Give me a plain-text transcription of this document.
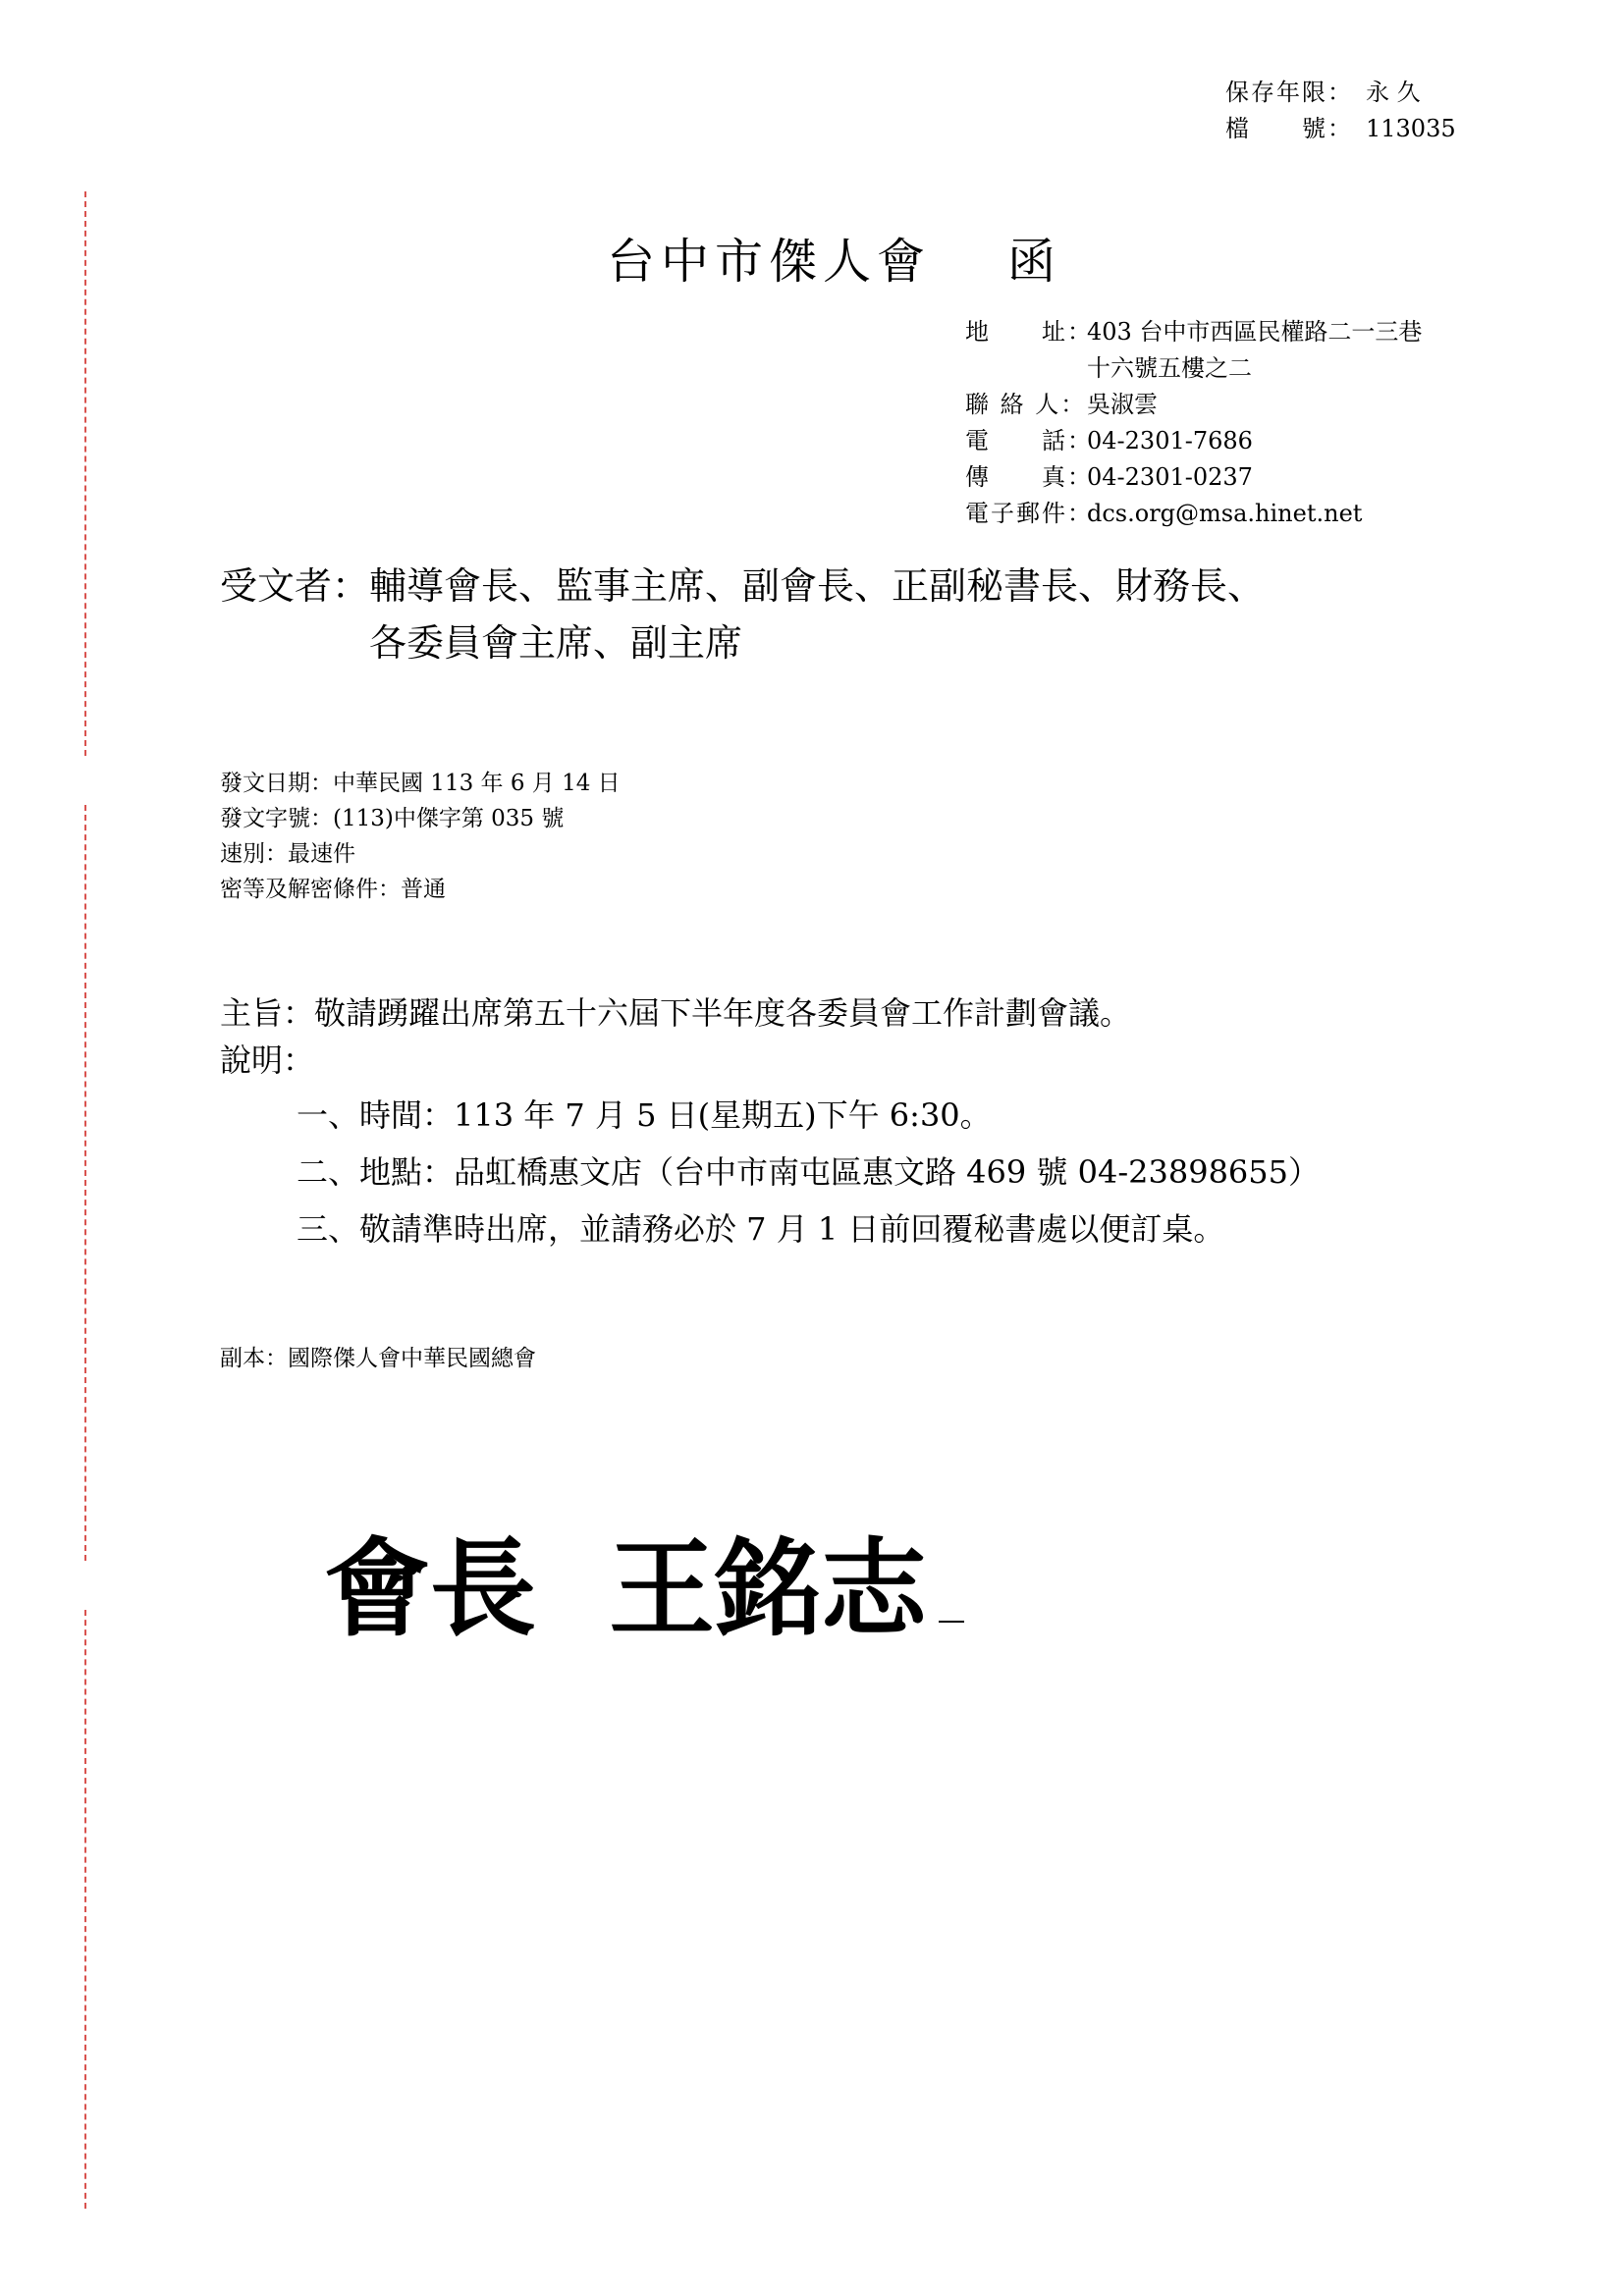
保存年限： 永 久
檔　　號： 113035
台中市傑人會 函
地　　址：
403 台中市西區民權路二一三巷
十六號五樓之二
聯 絡 人： 吳淑雲
電　　話：
04-2301-7686
傳　　真：
04-2301-0237
電子郵件：
dcs.org@msa.hinet.net
受文者： 輔導會長、監事主席、副會長、正副秘書長、財務長、
各委員會主席、副主席
發文日期：中華民國 113 年 6 月 14 日
發文字號：(113)中傑字第 035 號
速別：最速件
密等及解密條件：普通
主旨：敬請踴躍出席第五十六屆下半年度各委員會工作計劃會議。
說明：
一、時間：113 年 7 月 5 日(星期五)下午 6:30。
二、地點：品虹橋惠文店（台中市南屯區惠文路 469 號 04-23898655）
三、敬請準時出席，並請務必於 7 月 1 日前回覆秘書處以便訂桌。
副本：國際傑人會中華民國總會
會長 王銘志
